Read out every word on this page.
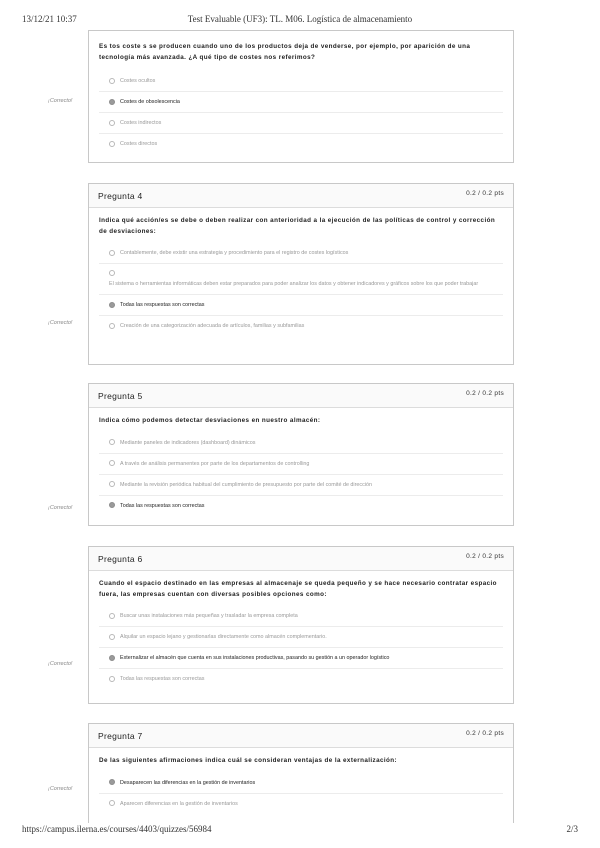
13/12/21 10:37	Test Evaluable (UF3): TL. M06. Logística de almacenamiento
Es tos coste s se producen cuando uno de los productos deja de venderse, por ejemplo, por aparición de una tecnología más avanzada. ¿A qué tipo de costes nos referimos?
Costes ocultos
Costes de obsolescencia
Costes indirectos
Costes directos
¡Correcto!
Pregunta 4	0.2 / 0.2 pts
Indica qué acción/es se debe o deben realizar con anterioridad a la ejecución de las políticas de control y corrección de desviaciones:
Contablemente, debe existir una estrategia y procedimiento para el registro de costes logísticos
El sistema o herramientas informáticas deben estar preparados para poder analizar los datos y obtener indicadores y gráficos sobre los que poder trabajar
Todas las respuestas son correctas
Creación de una categorización adecuada de artículos, familias y subfamilias
¡Correcto!
Pregunta 5	0.2 / 0.2 pts
Indica cómo podemos detectar desviaciones en nuestro almacén:
Mediante paneles de indicadores (dashboard) dinámicos
A través de análisis permanentes por parte de los departamentos de controlling
Mediante la revisión periódica habitual del cumplimiento de presupuesto por parte del comité de dirección
Todas las respuestas son correctas
¡Correcto!
Pregunta 6	0.2 / 0.2 pts
Cuando el espacio destinado en las empresas al almacenaje se queda pequeño y se hace necesario contratar espacio fuera, las empresas cuentan con diversas posibles opciones como:
Buscar unas instalaciones más pequeñas y trasladar la empresa completa
Alquilar un espacio lejano y gestionarlas directamente como almacén complementario.
Externalizar el almacén que cuenta en sus instalaciones productivas, pasando su gestión a un operador logístico
Todas las respuestas son correctas
¡Correcto!
Pregunta 7	0.2 / 0.2 pts
De las siguientes afirmaciones indica cuál se consideran ventajas de la externalización:
Desaparecen las diferencias en la gestión de inventarios
Aparecen diferencias en la gestión de inventarios
¡Correcto!
https://campus.ilerna.es/courses/4403/quizzes/56984	2/3
